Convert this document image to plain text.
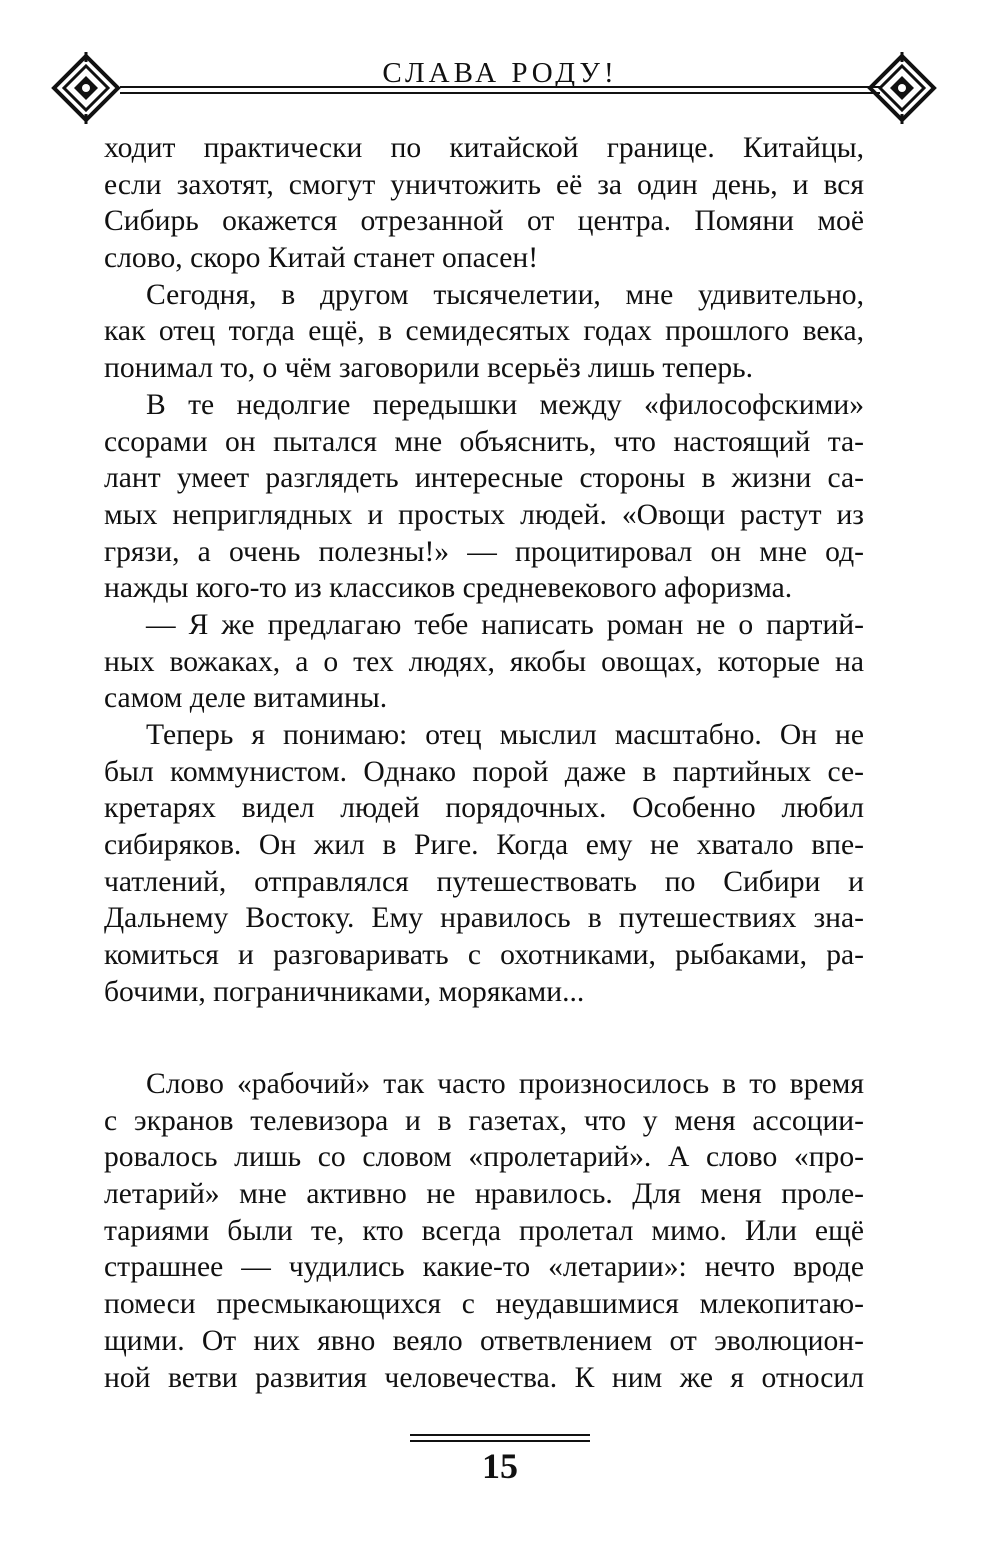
СЛАВА РОДУ!
ходит практически по китайской границе. Китайцы,
если захотят, смогут уничтожить её за один день, и вся
Сибирь окажется отрезанной от центра. Помяни моё
слово, скоро Китай станет опасен!
Сегодня, в другом тысячелетии, мне удивительно,
как отец тогда ещё, в семидесятых годах прошлого века,
понимал то, о чём заговорили всерьёз лишь теперь.
В те недолгие передышки между «философскими»
ссорами он пытался мне объяснить, что настоящий та-
лант умеет разглядеть интересные стороны в жизни са-
мых неприглядных и простых людей. «Овощи растут из
грязи, а очень полезны!» — процитировал он мне од-
нажды кого-то из классиков средневекового афоризма.
— Я же предлагаю тебе написать роман не о партий-
ных вожаках, а о тех людях, якобы овощах, которые на
самом деле витамины.
Теперь я понимаю: отец мыслил масштабно. Он не
был коммунистом. Однако порой даже в партийных се-
кретарях видел людей порядочных. Особенно любил
сибиряков. Он жил в Риге. Когда ему не хватало впе-
чатлений, отправлялся путешествовать по Сибири и
Дальнему Востоку. Ему нравилось в путешествиях зна-
комиться и разговаривать с охотниками, рыбаками, ра-
бочими, пограничниками, моряками...
Слово «рабочий» так часто произносилось в то время
с экранов телевизора и в газетах, что у меня ассоции-
ровалось лишь со словом «пролетарий». А слово «про-
летарий» мне активно не нравилось. Для меня проле-
тариями были те, кто всегда пролетал мимо. Или ещё
страшнее — чудились какие-то «летарии»: нечто вроде
помеси пресмыкающихся с неудавшимися млекопитаю-
щими. От них явно веяло ответвлением от эволюцион-
ной ветви развития человечества. К ним же я относил
15
